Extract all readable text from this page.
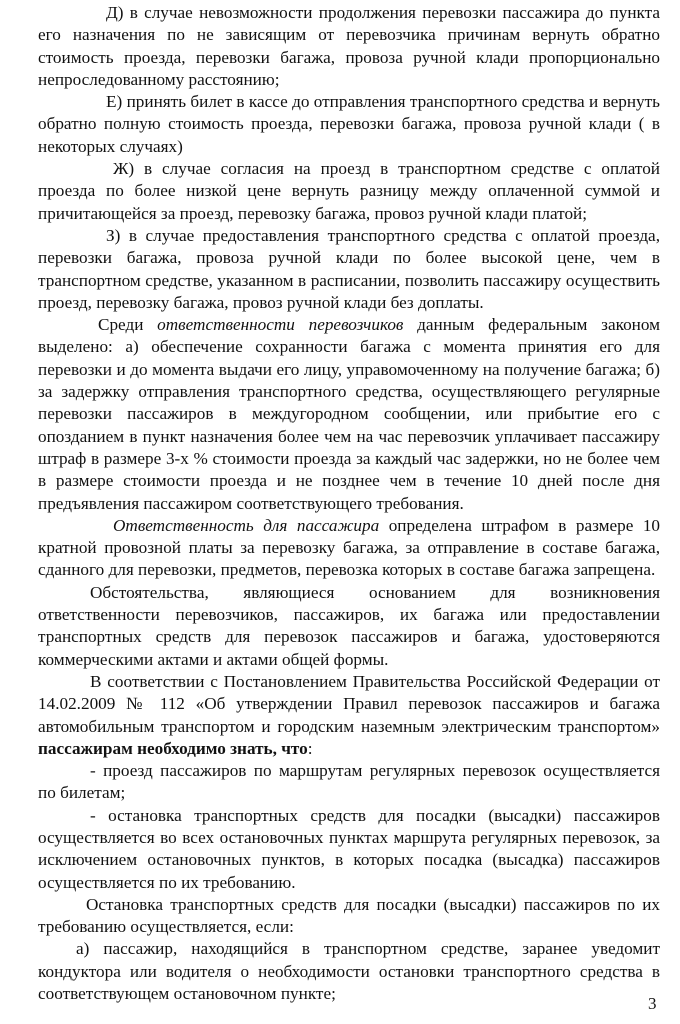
Д) в случае невозможности продолжения перевозки пассажира до пункта его назначения по не зависящим от перевозчика причинам вернуть обратно стоимость проезда, перевозки багажа, провоза ручной клади пропорционально непроследованному расстоянию;

Е) принять билет в кассе до отправления транспортного средства и вернуть обратно полную стоимость проезда, перевозки багажа, провоза ручной клади ( в некоторых случаях)

Ж) в случае согласия на проезд в транспортном средстве с оплатой проезда по более низкой цене вернуть разницу между оплаченной суммой и причитающейся за проезд, перевозку багажа, провоз ручной клади платой;

З) в случае предоставления транспортного средства с оплатой проезда, перевозки багажа, провоза ручной клади по более высокой цене, чем в транспортном средстве, указанном в расписании, позволить пассажиру осуществить проезд, перевозку багажа, провоз ручной клади без доплаты.

Среди ответственности перевозчиков данным федеральным законом выделено: а) обеспечение сохранности багажа с момента принятия его для перевозки и до момента выдачи его лицу, управомоченному на получение багажа; б) за задержку отправления транспортного средства, осуществляющего регулярные перевозки пассажиров в междугородном сообщении, или прибытие его с опозданием в пункт назначения более чем на час перевозчик уплачивает пассажиру штраф в размере 3-х % стоимости проезда за каждый час задержки, но не более чем в размере стоимости проезда и не позднее чем в течение 10 дней после дня предъявления пассажиром соответствующего требования.

Ответственность для пассажира определена штрафом в размере 10 кратной провозной платы за перевозку багажа, за отправление в составе багажа, сданного для перевозки, предметов, перевозка которых в составе багажа запрещена.

Обстоятельства, являющиеся основанием для возникновения ответственности перевозчиков, пассажиров, их багажа или предоставлении транспортных средств для перевозок пассажиров и багажа, удостоверяются коммерческими актами и актами общей формы.

В соответствии с Постановлением Правительства Российской Федерации от 14.02.2009 № 112 «Об утверждении Правил перевозок пассажиров и багажа автомобильным транспортом и городским наземным электрическим транспортом» пассажирам необходимо знать, что:

- проезд пассажиров по маршрутам регулярных перевозок осуществляется по билетам;

- остановка транспортных средств для посадки (высадки) пассажиров осуществляется во всех остановочных пунктах маршрута регулярных перевозок, за исключением остановочных пунктов, в которых посадка (высадка) пассажиров осуществляется по их требованию.

Остановка транспортных средств для посадки (высадки) пассажиров по их требованию осуществляется, если:

а) пассажир, находящийся в транспортном средстве, заранее уведомит кондуктора или водителя о необходимости остановки транспортного средства в соответствующем остановочном пункте;

3
